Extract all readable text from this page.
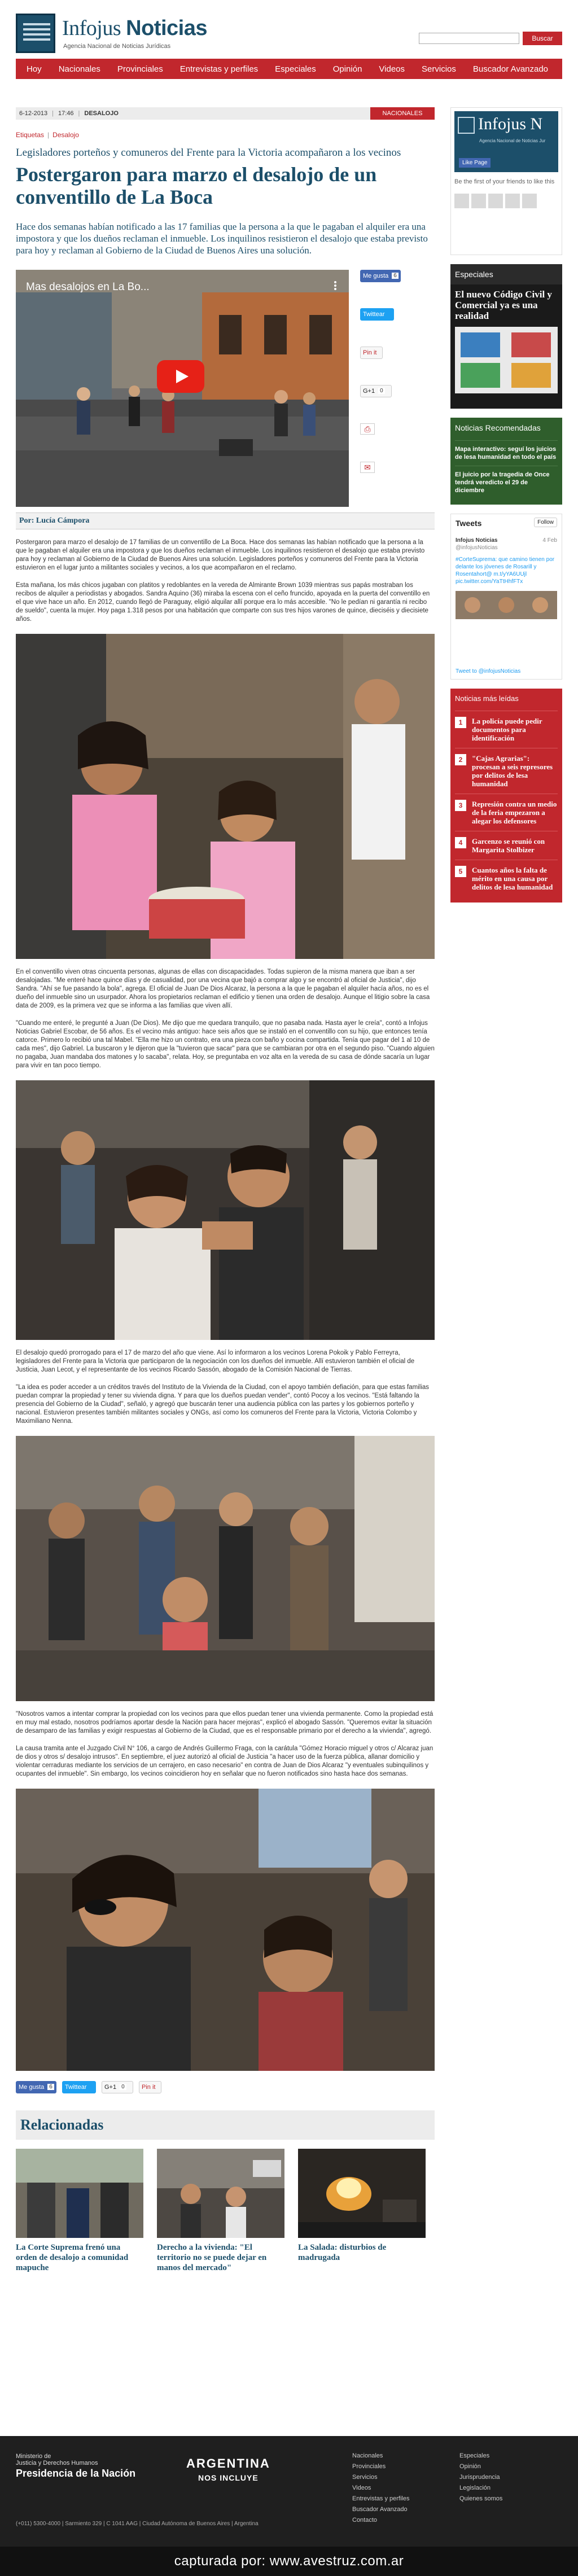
Infojus Noticias
Agencia Nacional de Noticias Jurídicas
Buscar
Hoy	Nacionales	Provinciales	Entrevistas y perfiles	Especiales	Opinión	Videos	Servicios	Buscador Avanzado
6-12-2013 | 17:46 | DESALOJO	NACIONALES
Etiquetas | Desalojo
Legisladores porteños y comuneros del Frente para la Victoria acompañaron a los vecinos
Postergaron para marzo el desalojo de un conventillo de La Boca
Hace dos semanas habían notificado a las 17 familias que la persona a la que le pagaban el alquiler era una impostora y que los dueños reclaman el inmueble. Los inquilinos resistieron el desalojo que estaba previsto para hoy y reclaman al Gobierno de la Ciudad de Buenos Aires una solución.
Mas desalojos en La Bo...
Me gusta 6
Twittear
Pin it
G+1 0
⎙
✉
Por: Lucía Cámpora

Postergaron para marzo el desalojo de 17 familias de un conventillo de La Boca. Hace dos semanas las habían notificado que la persona a la que le pagaban el alquiler era una impostora y que los dueños reclaman el inmueble. Los inquilinos resistieron el desalojo que estaba previsto para hoy y reclaman al Gobierno de la Ciudad de Buenos Aires una solución. Legisladores porteños y comuneros del Frente para la Victoria estuvieron en el lugar junto a militantes sociales y vecinos, a los que acompañaron en el reclamo.

Esta mañana, los más chicos jugaban con platitos y redoblantes en la vereda de Almirante Brown 1039 mientras sus papás mostraban los recibos de alquiler a periodistas y abogados. Sandra Aquino (36) miraba la escena con el ceño fruncido, apoyada en la puerta del conventillo en el que vive hace un año. En 2012, cuando llegó de Paraguay, eligió alquilar allí porque era lo más accesible. "No le pedían ni garantía ni recibo de sueldo", cuenta la mujer. Hoy paga 1.318 pesos por una habitación que comparte con sus tres hijos varones de quince, dieciséis y diecisiete años.

En el conventillo viven otras cincuenta personas, algunas de ellas con discapacidades. Todas supieron de la misma manera que iban a ser desalojadas. "Me enteré hace quince días y de casualidad, por una vecina que bajó a comprar algo y se encontró al oficial de Justicia", dijo Sandra. "Ahí se fue pasando la bola", agrega. El oficial de Juan De Dios Alcaraz, la persona a la que le pagaban el alquiler hacía años, no es el dueño del inmueble sino un usurpador. Ahora los propietarios reclaman el edificio y tienen una orden de desalojo. Aunque el litigio sobre la casa data de 2009, es la primera vez que se informa a las familias que viven allí.

"Cuando me enteré, le pregunté a Juan (De Dios). Me dijo que me quedara tranquilo, que no pasaba nada. Hasta ayer le creía", contó a Infojus Noticias Gabriel Escobar, de 56 años. Es el vecino más antiguo: hace seis años que se instaló en el conventillo con su hijo, que entonces tenía catorce. Primero lo recibió una tal Mabel. "Ella me hizo un contrato, era una pieza con baño y cocina compartida. Tenía que pagar del 1 al 10 de cada mes", dijo Gabriel. La buscaron y le dijeron que la "tuvieron que sacar" para que se cambiaran por otra en el segundo piso. "Cuando alguien no pagaba, Juan mandaba dos matones y lo sacaba", relata. Hoy, se preguntaba en voz alta en la vereda de su casa de dónde sacaría un lugar para vivir en tan poco tiempo.

El desalojo quedó prorrogado para el 17 de marzo del año que viene. Así lo informaron a los vecinos Lorena Pokoik y Pablo Ferreyra, legisladores del Frente para la Victoria que participaron de la negociación con los dueños del inmueble. Allí estuvieron también el oficial de Justicia, Juan Lecot, y el representante de los vecinos Ricardo Sassón, abogado de la Comisión Nacional de Tierras.

"La idea es poder acceder a un créditos través del Instituto de la Vivienda de la Ciudad, con el apoyo también defiación, para que estas familias puedan comprar la propiedad y tener su vivienda digna. Y para que los dueños puedan vender", contó Pocoy a los vecinos. "Está faltando la presencia del Gobierno de la Ciudad", señaló, y agregó que buscarán tener una audiencia pública con las partes y los gobiernos porteño y nacional. Estuvieron presentes también militantes sociales y ONGs, así como los comuneros del Frente para la Victoria, Victoria Colombo y Maximiliano Nenna.

"Nosotros vamos a intentar comprar la propiedad con los vecinos para que ellos puedan tener una vivienda permanente. Como la propiedad está en muy mal estado, nosotros podríamos aportar desde la Nación para hacer mejoras", explicó el abogado Sassón. "Queremos evitar la situación de desamparo de las familias y exigir respuestas al Gobierno de la Ciudad, que es el responsable primario por el derecho a la vivienda", agregó.

La causa tramita ante el Juzgado Civil N° 106, a cargo de Andrés Guillermo Fraga, con la carátula "Gómez Horacio miguel y otros c/ Alcaraz juan de dios y otros s/ desalojo intrusos". En septiembre, el juez autorizó al oficial de Justicia "a hacer uso de la fuerza pública, allanar domicilio y violentar cerraduras mediante los servicios de un cerrajero, en caso necesario" en contra de Juan de Dios Alcaraz "y eventuales subinquilinos y ocupantes del inmueble". Sin embargo, los vecinos coincidieron hoy en señalar que no fueron notificados sino hasta hace dos semanas.

Me gusta 6	Twittear	G+1 0	Pin it
Relacionadas
La Corte Suprema frenó una orden de desalojo a comunidad mapuche
Derecho a la vivienda: "El territorio no se puede dejar en manos del mercado"
La Salada: disturbios de madrugada
Infojus N
Agencia Nacional de Noticias Jur
Like Page
Be the first of your friends to like this
Especiales
El nuevo Código Civil y Comercial ya es una realidad
Noticias Recomendadas
Mapa interactivo: seguí los juicios de lesa humanidad en todo el país
El juicio por la tragedia de Once tendrá veredicto el 29 de diciembre
Tweets	Follow
Infojus Noticias	4 Feb
@infojusNoticias
#CorteSuprema: que camino tienen por delante los jóvenes de Rosarill y Rosentahort@ m.t/yYA6UUjl pic.twitter.com/YaTtHhfFTx
Tweet to @infojusNoticias
Noticias más leídas
1	La policía puede pedir documentos para identificación
2	"Cajas Agrarias": procesan a seis represores por delitos de lesa humanidad
3	Represión contra un medio de la feria empezaron a alegar los defensores
4	Garcenzo se reunió con Margarita Stolbizer
5	Cuantos años la falta de mérito en una causa por delitos de lesa humanidad
Ministerio de
Justicia y Derechos Humanos
Presidencia de la Nación
ARGENTINA
NOS INCLUYE
Nacionales
Provinciales
Servicios
Videos
Entrevistas y perfiles
Buscador Avanzado
Contacto
Especiales
Opinión
Jurisprudencia
Legislación
Quienes somos
(+011) 5300-4000 | Sarmiento 329 | C 1041 AAG | Ciudad Autónoma de Buenos Aires | Argentina
capturada por: www.avestruz.com.ar
